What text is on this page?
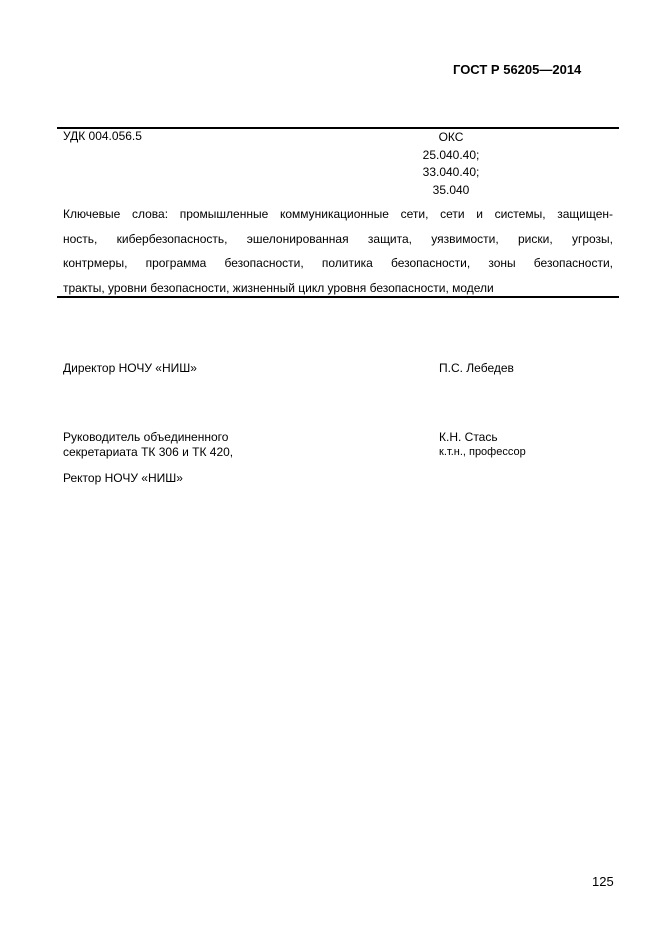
ГОСТ Р 56205—2014
УДК 004.056.5	ОКС
25.040.40;
33.040.40;
35.040
Ключевые слова: промышленные коммуникационные сети, сети и системы, защищен-
ность, кибербезопасность, эшелонированная защита, уязвимости, риски, угрозы,
контрмеры, программа безопасности, политика безопасности, зоны безопасности,
тракты, уровни безопасности, жизненный цикл уровня безопасности, модели
Директор НОЧУ «НИШ»	П.С. Лебедев
Руководитель объединенного
секретариата ТК 306 и ТК 420,
К.Н. Стась
к.т.н., профессор
Ректор НОЧУ «НИШ»
125
